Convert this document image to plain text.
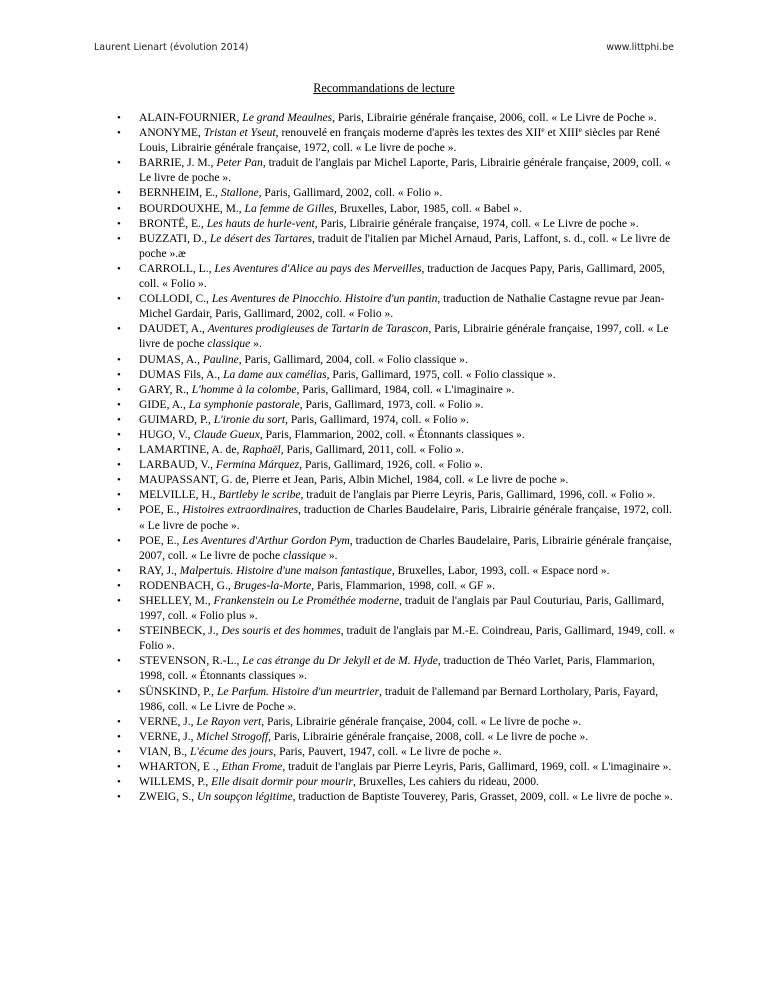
Laurent Lienart (évolution 2014)	www.littphi.be
Recommandations de lecture
• ALAIN-FOURNIER, Le grand Meaulnes, Paris, Librairie générale française, 2006, coll. « Le Livre de Poche ».
• ANONYME, Tristan et Yseut, renouvelé en français moderne d'après les textes des XIIe et XIIIe siècles par René Louis, Librairie générale française, 1972, coll. « Le livre de poche ».
• BARRIE, J. M., Peter Pan, traduit de l'anglais par Michel Laporte, Paris, Librairie générale française, 2009, coll. « Le livre de poche ».
• BERNHEIM, E., Stallone, Paris, Gallimard, 2002, coll. « Folio ».
• BOURDOUXHE, M., La femme de Gilles, Bruxelles, Labor, 1985, coll. « Babel ».
• BRONTË, E., Les hauts de hurle-vent, Paris, Librairie générale française, 1974, coll. « Le Livre de poche ».
• BUZZATI, D., Le désert des Tartares, traduit de l'italien par Michel Arnaud, Paris, Laffont, s. d., coll. « Le livre de poche ».æ
• CARROLL, L., Les Aventures d'Alice au pays des Merveilles, traduction de Jacques Papy, Paris, Gallimard, 2005, coll. « Folio ».
• COLLODI, C., Les Aventures de Pinocchio. Histoire d'un pantin, traduction de Nathalie Castagne revue par Jean-Michel Gardair, Paris, Gallimard, 2002, coll. « Folio ».
• DAUDET, A., Aventures prodigieuses de Tartarin de Tarascon, Paris, Librairie générale française, 1997, coll. « Le livre de poche classique ».
• DUMAS, A., Pauline, Paris, Gallimard, 2004, coll. « Folio classique ».
• DUMAS Fils, A., La dame aux camélias, Paris, Gallimard, 1975, coll. « Folio classique ».
• GARY, R., L'homme à la colombe, Paris, Gallimard, 1984, coll. « L'imaginaire ».
• GIDE, A., La symphonie pastorale, Paris, Gallimard, 1973, coll. « Folio ».
• GUIMARD, P., L'ironie du sort, Paris, Gallimard, 1974, coll. « Folio ».
• HUGO, V., Claude Gueux, Paris, Flammarion, 2002, coll. « Étonnants classiques ».
• LAMARTINE, A. de, Raphaël, Paris, Gallimard, 2011, coll. « Folio ».
• LARBAUD, V., Fermina Márquez, Paris, Gallimard, 1926, coll. « Folio ».
• MAUPASSANT, G. de, Pierre et Jean, Paris, Albin Michel, 1984, coll. « Le livre de poche ».
• MELVILLE, H., Bartleby le scribe, traduit de l'anglais par Pierre Leyris, Paris, Gallimard, 1996, coll. « Folio ».
• POE, E., Histoires extraordinaires, traduction de Charles Baudelaire, Paris, Librairie générale française, 1972, coll. « Le livre de poche ».
• POE, E., Les Aventures d'Arthur Gordon Pym, traduction de Charles Baudelaire, Paris, Librairie générale française, 2007, coll. « Le livre de poche classique ».
• RAY, J., Malpertuis. Histoire d'une maison fantastique, Bruxelles, Labor, 1993, coll. « Espace nord ».
• RODENBACH, G., Bruges-la-Morte, Paris, Flammarion, 1998, coll. « GF ».
• SHELLEY, M., Frankenstein ou Le Prométhée moderne, traduit de l'anglais par Paul Couturiau, Paris, Gallimard, 1997, coll. « Folio plus ».
• STEINBECK, J., Des souris et des hommes, traduit de l'anglais par M.-E. Coindreau, Paris, Gallimard, 1949, coll. « Folio ».
• STEVENSON, R.-L., Le cas étrange du Dr Jekyll et de M. Hyde, traduction de Théo Varlet, Paris, Flammarion, 1998, coll. « Étonnants classiques ».
• SÜNSKIND, P., Le Parfum. Histoire d'un meurtrier, traduit de l'allemand par Bernard Lortholary, Paris, Fayard, 1986, coll. « Le Livre de Poche ».
• VERNE, J., Le Rayon vert, Paris, Librairie générale française, 2004, coll. « Le livre de poche ».
• VERNE, J., Michel Strogoff, Paris, Librairie générale française, 2008, coll. « Le livre de poche ».
• VIAN, B., L'écume des jours, Paris, Pauvert, 1947, coll. « Le livre de poche ».
• WHARTON, E ., Ethan Frome, traduit de l'anglais par Pierre Leyris, Paris, Gallimard, 1969, coll. « L'imaginaire ».
• WILLEMS, P., Elle disait dormir pour mourir, Bruxelles, Les cahiers du rideau, 2000.
• ZWEIG, S., Un soupçon légitime, traduction de Baptiste Touverey, Paris, Grasset, 2009, coll. « Le livre de poche ».
